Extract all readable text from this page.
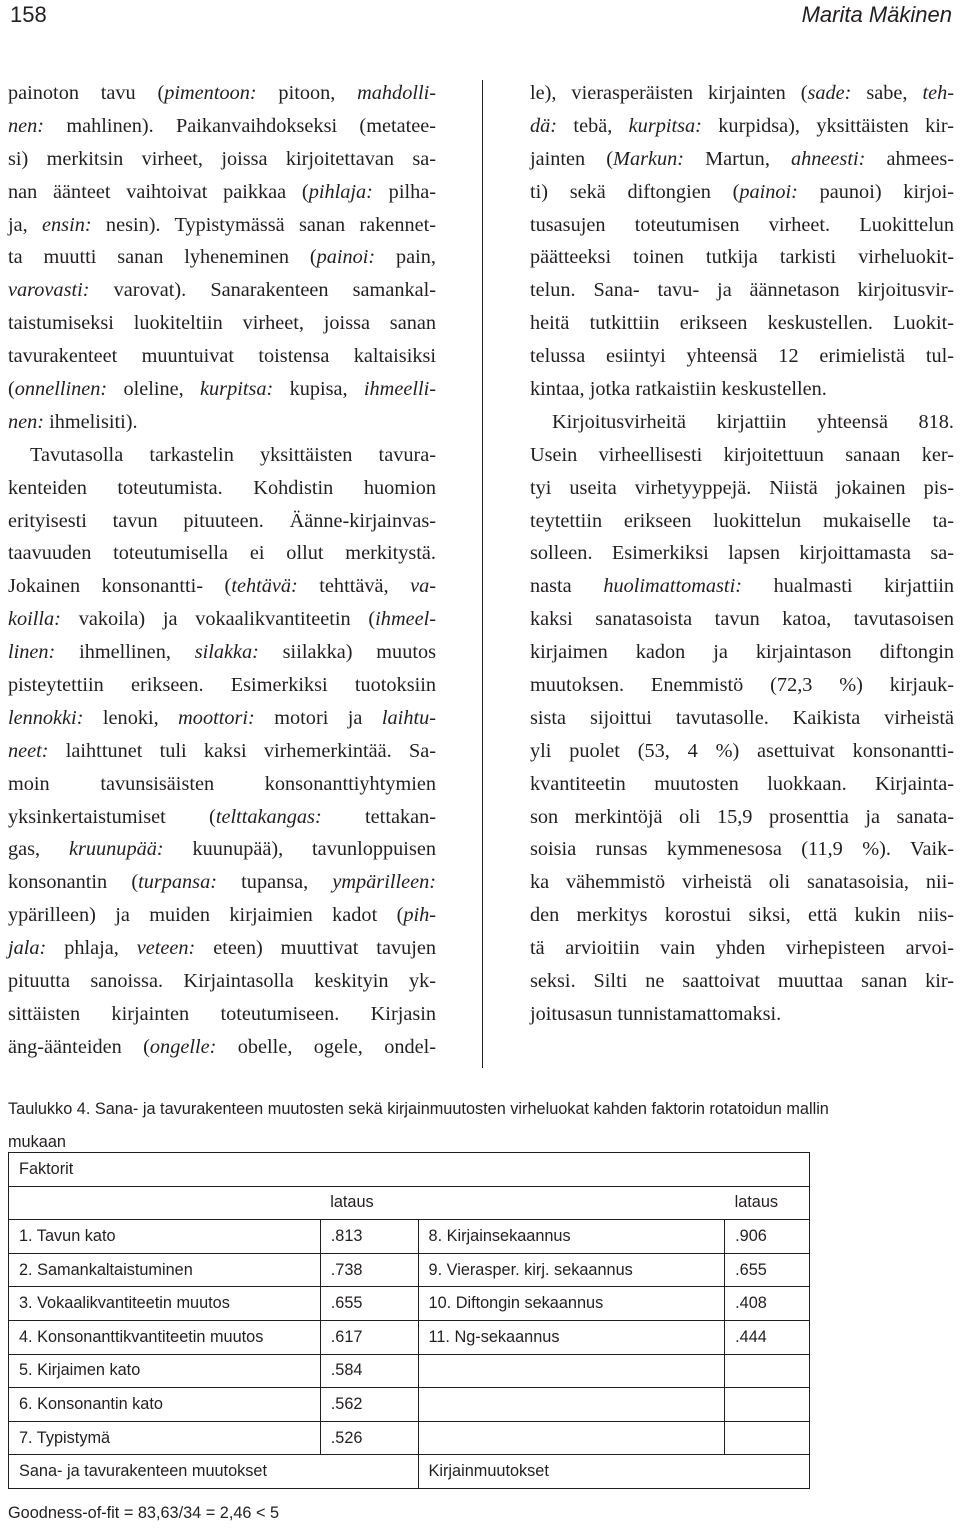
158	Marita Mäkinen
painoton tavu (pimentoon: pitoon, mahdolli-
nen: mahlinen). Paikanvaihdokseksi (metatee-
si) merkitsin virheet, joissa kirjoitettavan sa-
nan äänteet vaihtoivat paikkaa (pihlaja: pilha-
ja, ensin: nesin). Typistymässä sanan rakennet-
ta muutti sanan lyheneminen (painoi: pain,
varovasti: varovat). Sanarakenteen samankal-
taistumiseksi luokiteltiin virheet, joissa sanan
tavurakenteet muuntuivat toistensa kaltaisiksi
(onnellinen: oleline, kurpitsa: kupisa, ihmeelli-
nen: ihmelisiti).
Tavutasolla tarkastelin yksittäisten tavura-
kenteiden toteutumista. Kohdistin huomion
erityisesti tavun pituuteen. Äänne-kirjainvas-
taavuuden toteutumisella ei ollut merkitystä.
Jokainen konsonantti- (tehtävä: tehttävä, va-
koilla: vakoila) ja vokaalikvantiteetin (ihmeel-
linen: ihmellinen, silakka: siilakka) muutos
pisteytettiin erikseen. Esimerkiksi tuotoksiin
lennokki: lenoki, moottori: motori ja laihtu-
neet: laihttunet tuli kaksi virhemerkintää. Sa-
moin tavunsisäisten konsonanttiyhtymien
yksinkertaistumiset (telttakangas: tettakan-
gas, kruunupää: kuunupää), tavunloppuisen
konsonantin (turpansa: tupansa, ympärilleen:
ypärilleen) ja muiden kirjaimien kadot (pih-
jala: phlaja, veteen: eteen) muuttivat tavujen
pituutta sanoissa. Kirjaintasolla keskityin yk-
sittäisten kirjainten toteutumiseen. Kirjasin
äng-äänteiden (ongelle: obelle, ogele, ondel-
le), vierasperäisten kirjainten (sade: sabe, teh-
dä: tebä, kurpitsa: kurpidsa), yksittäisten kir-
jainten (Markun: Martun, ahneesti: ahmees-
ti) sekä diftongien (painoi: paunoi) kirjoi-
tusasujen toteutumisen virheet. Luokittelun
päätteeksi toinen tutkija tarkisti virheluokit-
telun. Sana- tavu- ja äännetason kirjoitusvir-
heitä tutkittiin erikseen keskustellen. Luokit-
telussa esiintyi yhteensä 12 erimielistä tul-
kintaa, jotka ratkaistiin keskustellen.
Kirjoitusvirheitä kirjattiin yhteensä 818.
Usein virheellisesti kirjoitettuun sanaan ker-
tyi useita virhetyyppejä. Niistä jokainen pis-
teytettiin erikseen luokittelun mukaiselle ta-
solleen. Esimerkiksi lapsen kirjoittamasta sa-
nasta huolimattomasti: hualmasti kirjattiin
kaksi sanatasoista tavun katoa, tavutasoisen
kirjaimen kadon ja kirjaintason diftongin
muutoksen. Enemmistö (72,3 %) kirjauk-
sista sijoittui tavutasolle. Kaikista virheistä
yli puolet (53, 4 %) asettuivat konsonantti-
kvantiteetin muutosten luokkaan. Kirjainta-
son merkintöjä oli 15,9 prosenttia ja sanata-
soisia runsas kymmenesosa (11,9 %). Vaik-
ka vähemmistö virheistä oli sanatasoisia, nii-
den merkitys korostui siksi, että kukin niis-
tä arvioitiin vain yhden virhepisteen arvoi-
seksi. Silti ne saattoivat muuttaa sanan kir-
joitusasun tunnistamattomaksi.
Taulukko 4. Sana- ja tavurakenteen muutosten sekä kirjainmuutosten virheluokat kahden faktorin rotatoidun mallin mukaan
Faktorit			
	lataus		lataus
1. Tavun kato	.813	8. Kirjainsekaannus	.906
2. Samankaltaistuminen	.738	9. Vierasper. kirj. sekaannus	.655
3. Vokaalikvantiteetin muutos	.655	10. Diftongin sekaannus	.408
4. Konsonanttikvantiteetin muutos	.617	11. Ng-sekaannus	.444
5. Kirjaimen kato	.584		
6. Konsonantin kato	.562		
7. Typistymä	.526		
Sana- ja tavurakenteen muutokset		Kirjainmuutokset	
Goodness-of-fit = 83,63/34 = 2,46 < 5
